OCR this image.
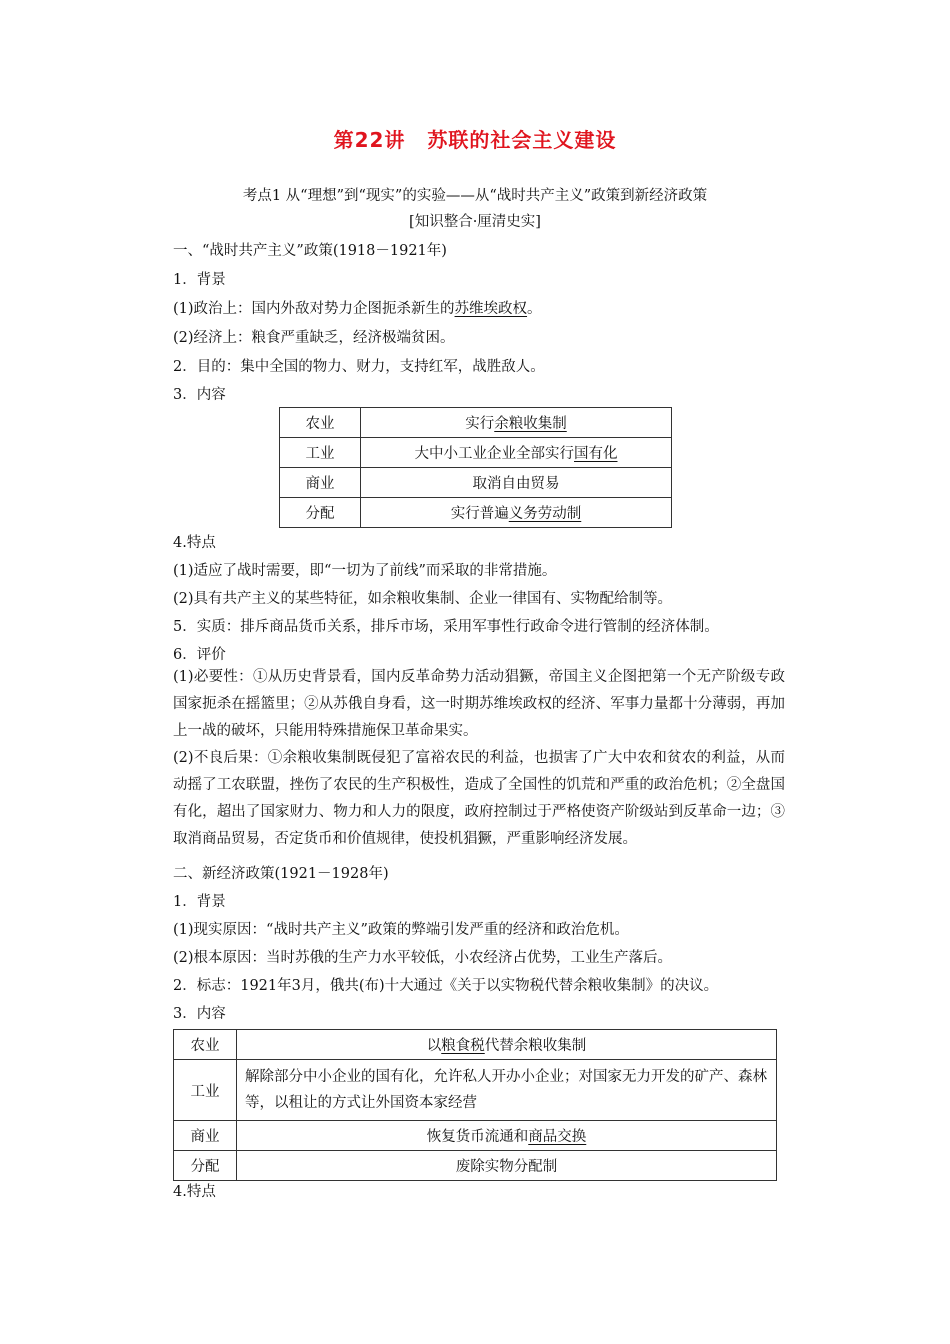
第22讲 苏联的社会主义建设
考点1 从“理想”到“现实”的实验——从“战时共产主义”政策到新经济政策
[知识整合·厘清史实]
一、“战时共产主义”政策(1918－1921年)
1．背景
(1)政治上：国内外敌对势力企图扼杀新生的苏维埃政权。
(2)经济上：粮食严重缺乏，经济极端贫困。
2．目的：集中全国的物力、财力，支持红军，战胜敌人。
3．内容
农业	实行余粮收集制
工业	大中小工业企业全部实行国有化
商业	取消自由贸易
分配	实行普遍义务劳动制
4.特点
(1)适应了战时需要，即“一切为了前线”而采取的非常措施。
(2)具有共产主义的某些特征，如余粮收集制、企业一律国有、实物配给制等。
5．实质：排斥商品货币关系，排斥市场，采用军事性行政命令进行管制的经济体制。
6．评价
(1)必要性：①从历史背景看，国内反革命势力活动猖獗，帝国主义企图把第一个无产阶级专政国家扼杀在摇篮里；②从苏俄自身看，这一时期苏维埃政权的经济、军事力量都十分薄弱，再加上一战的破坏，只能用特殊措施保卫革命果实。
(2)不良后果：①余粮收集制既侵犯了富裕农民的利益，也损害了广大中农和贫农的利益，从而动摇了工农联盟，挫伤了农民的生产积极性，造成了全国性的饥荒和严重的政治危机；②全盘国有化，超出了国家财力、物力和人力的限度，政府控制过于严格使资产阶级站到反革命一边；③取消商品贸易，否定货币和价值规律，使投机猖獗，严重影响经济发展。
二、新经济政策(1921－1928年)
1．背景
(1)现实原因：“战时共产主义”政策的弊端引发严重的经济和政治危机。
(2)根本原因：当时苏俄的生产力水平较低，小农经济占优势，工业生产落后。
2．标志：1921年3月，俄共(布)十大通过《关于以实物税代替余粮收集制》的决议。
3．内容
农业	以粮食税代替余粮收集制
工业	解除部分中小企业的国有化，允许私人开办小企业；对国家无力开发的矿产、森林等，以租让的方式让外国资本家经营
商业	恢复货币流通和商品交换
分配	废除实物分配制
4.特点
